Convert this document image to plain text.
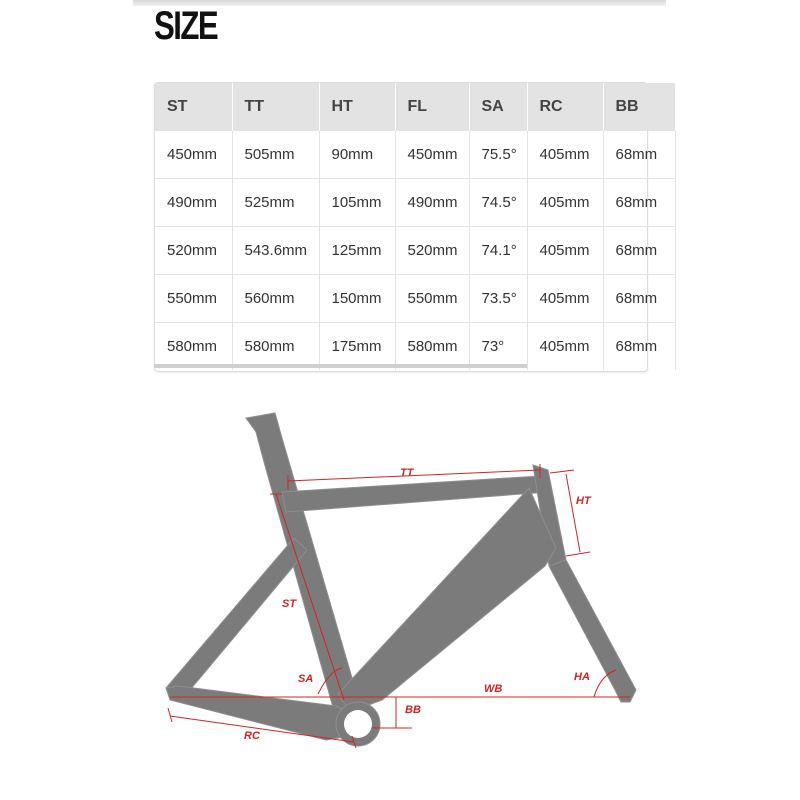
SIZE
ST	TT	HT	FL	SA	RC	BB
450mm	505mm	90mm	450mm	75.5°	405mm	68mm
490mm	525mm	105mm	490mm	74.5°	405mm	68mm
520mm	543.6mm	125mm	520mm	74.1°	405mm	68mm
550mm	560mm	150mm	550mm	73.5°	405mm	68mm
580mm	580mm	175mm	580mm	73°	405mm	68mm
TT
HT
ST
SA
WB
HA
BB
RC
